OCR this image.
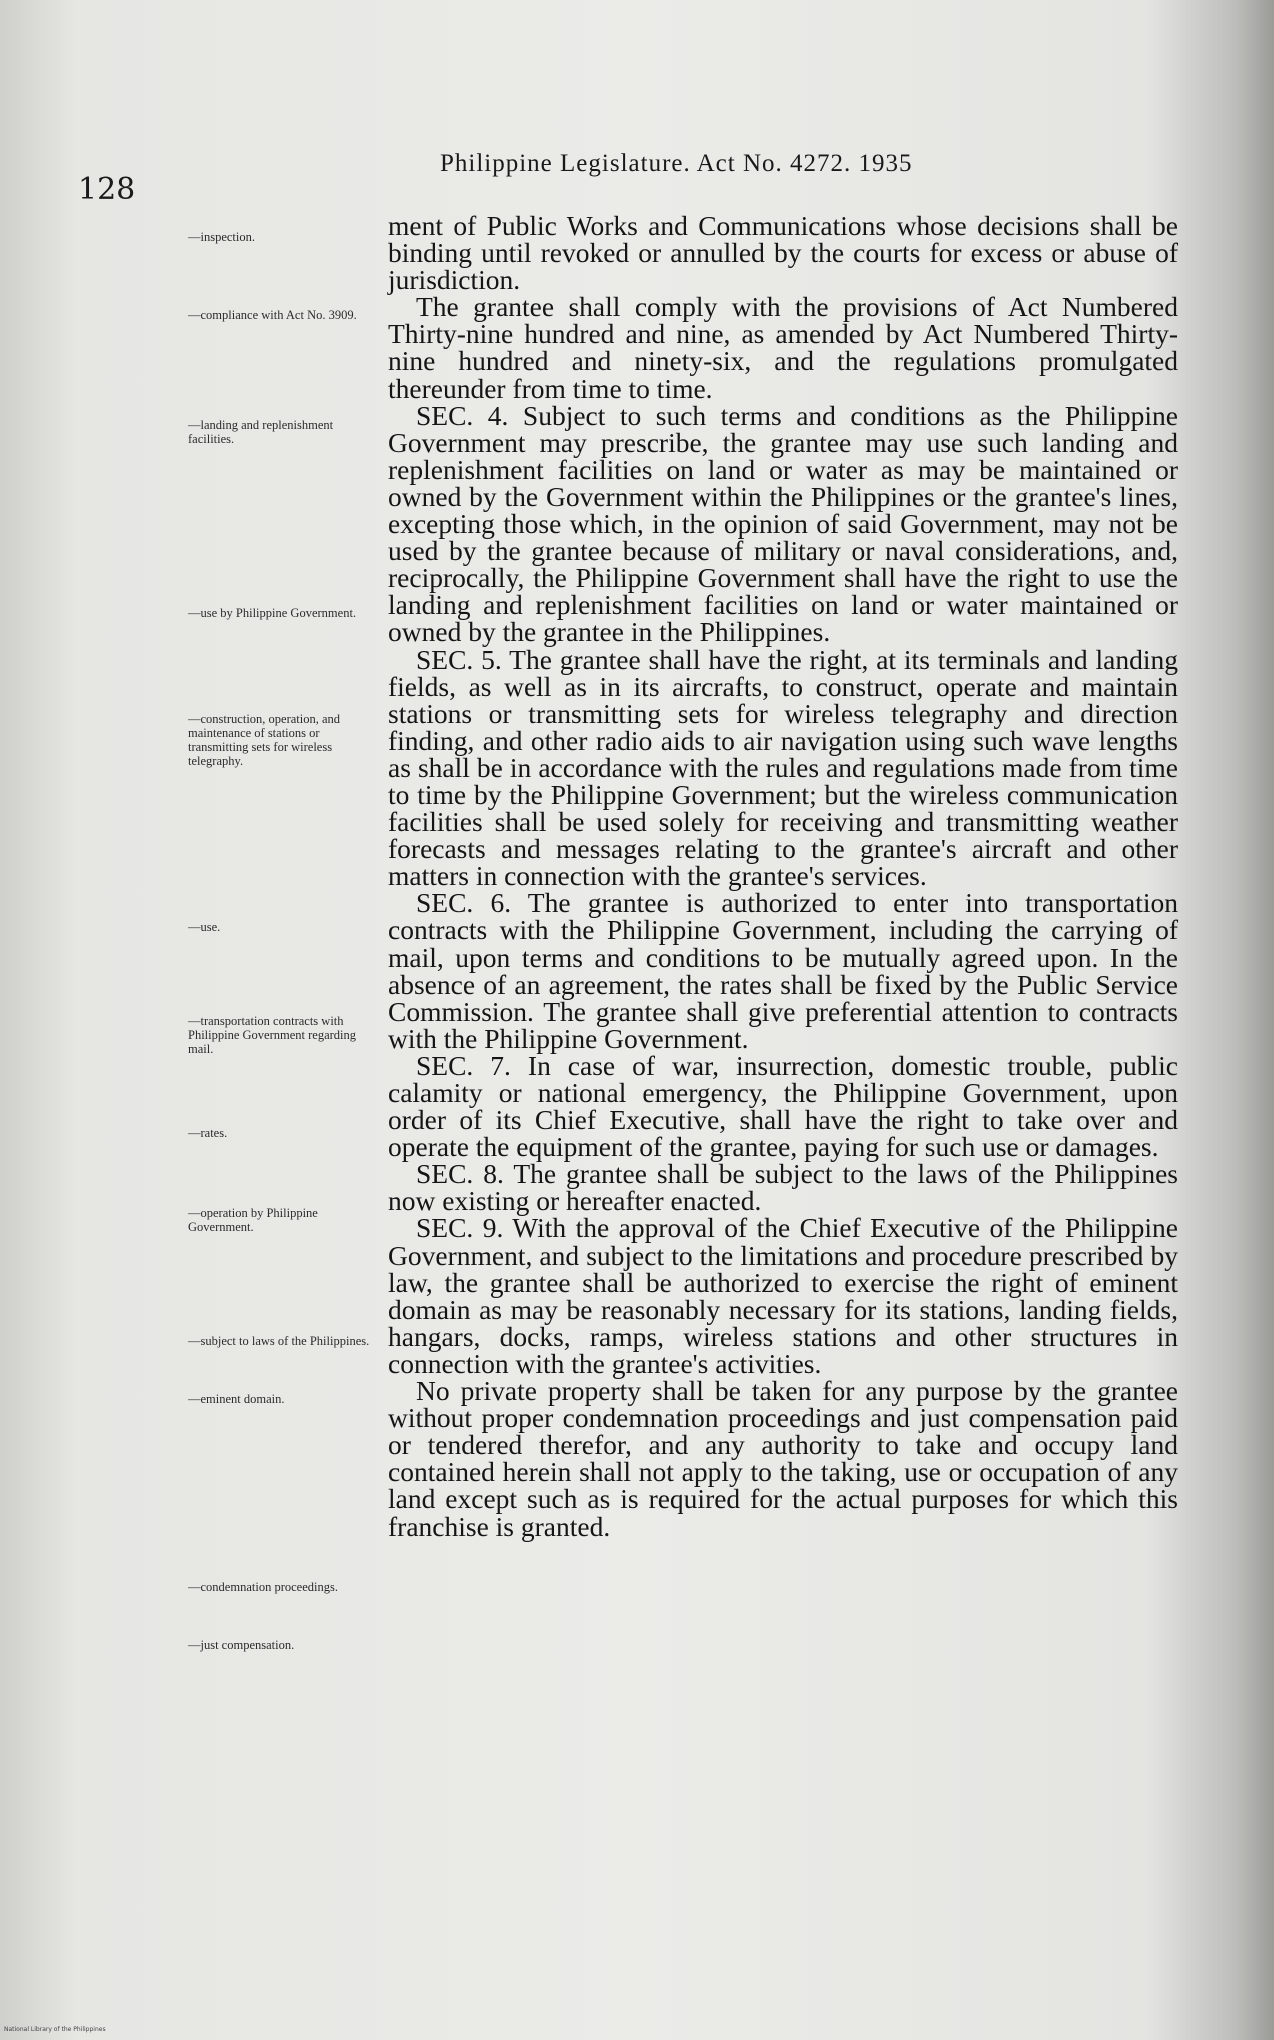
128
Philippine Legislature. Act No. 4272. 1935
—inspection.
—compliance with Act No. 3909.
—landing and replenishment facilities.
—use by Philippine Government.
—construction, operation, and maintenance of stations or transmitting sets for wireless telegraphy.
—use.
—transportation contracts with Philippine Government regarding mail.
—rates.
—operation by Philippine Government.
—subject to laws of the Philippines.
—eminent domain.
—condemnation proceedings.
—just compensation.

ment of Public Works and Communications whose decisions shall be binding until revoked or annulled by the courts for excess or abuse of jurisdiction.

The grantee shall comply with the provisions of Act Numbered Thirty-nine hundred and nine, as amended by Act Numbered Thirty-nine hundred and ninety-six, and the regulations promulgated thereunder from time to time.

SEC. 4. Subject to such terms and conditions as the Philippine Government may prescribe, the grantee may use such landing and replenishment facilities on land or water as may be maintained or owned by the Government within the Philippines or the grantee's lines, excepting those which, in the opinion of said Government, may not be used by the grantee because of military or naval considerations, and, reciprocally, the Philippine Government shall have the right to use the landing and replenishment facilities on land or water maintained or owned by the grantee in the Philippines.

SEC. 5. The grantee shall have the right, at its terminals and landing fields, as well as in its aircrafts, to construct, operate and maintain stations or transmitting sets for wireless telegraphy and direction finding, and other radio aids to air navigation using such wave lengths as shall be in accordance with the rules and regulations made from time to time by the Philippine Government; but the wireless communication facilities shall be used solely for receiving and transmitting weather forecasts and messages relating to the grantee's aircraft and other matters in connection with the grantee's services.

SEC. 6. The grantee is authorized to enter into transportation contracts with the Philippine Government, including the carrying of mail, upon terms and conditions to be mutually agreed upon. In the absence of an agreement, the rates shall be fixed by the Public Service Commission. The grantee shall give preferential attention to contracts with the Philippine Government.

SEC. 7. In case of war, insurrection, domestic trouble, public calamity or national emergency, the Philippine Government, upon order of its Chief Executive, shall have the right to take over and operate the equipment of the grantee, paying for such use or damages.

SEC. 8. The grantee shall be subject to the laws of the Philippines now existing or hereafter enacted.

SEC. 9. With the approval of the Chief Executive of the Philippine Government, and subject to the limitations and procedure prescribed by law, the grantee shall be authorized to exercise the right of eminent domain as may be reasonably necessary for its stations, landing fields, hangars, docks, ramps, wireless stations and other structures in connection with the grantee's activities.

No private property shall be taken for any purpose by the grantee without proper condemnation proceedings and just compensation paid or tendered therefor, and any authority to take and occupy land contained herein shall not apply to the taking, use or occupation of any land except such as is required for the actual purposes for which this franchise is granted.

National Library of the Philippines
